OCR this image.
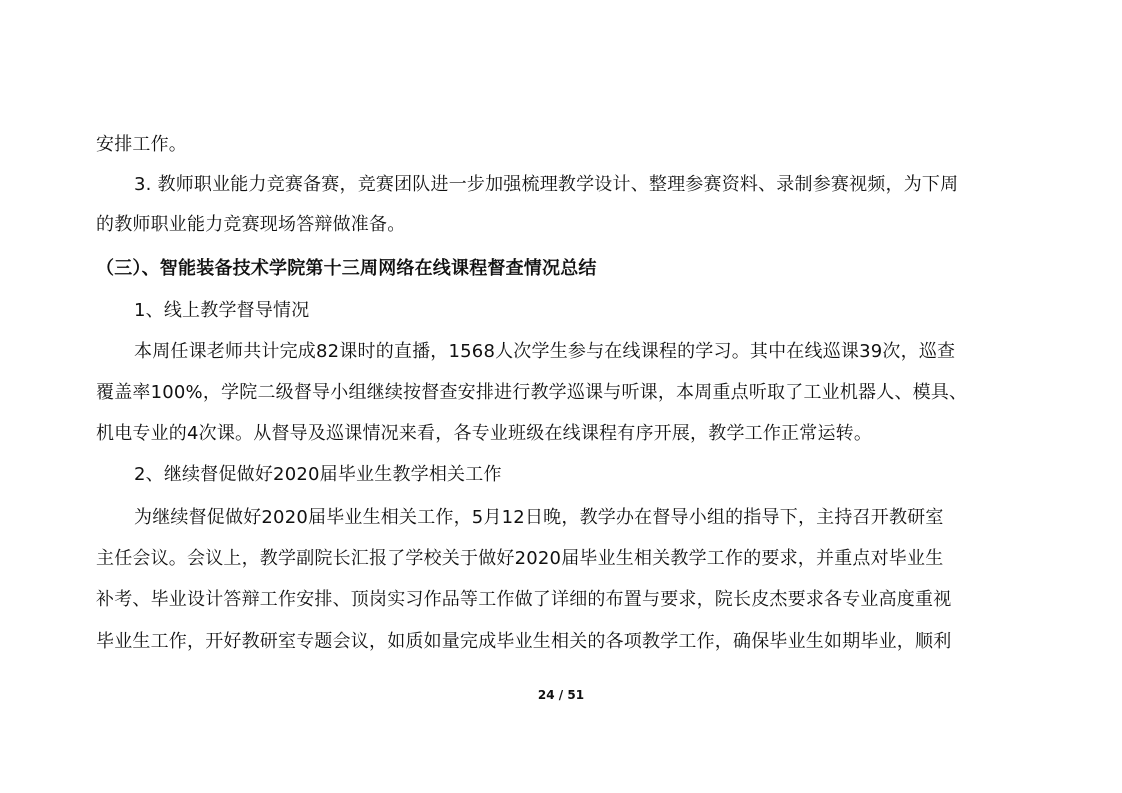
安排工作。
3. 教师职业能力竞赛备赛，竞赛团队进一步加强梳理教学设计、整理参赛资料、录制参赛视频，为下周
的教师职业能力竞赛现场答辩做准备。
（三）、智能装备技术学院第十三周网络在线课程督查情况总结
1、线上教学督导情况
本周任课老师共计完成82课时的直播，1568人次学生参与在线课程的学习。其中在线巡课39次，巡查
覆盖率100%，学院二级督导小组继续按督查安排进行教学巡课与听课，本周重点听取了工业机器人、模具、
机电专业的4次课。从督导及巡课情况来看，各专业班级在线课程有序开展，教学工作正常运转。
2、继续督促做好2020届毕业生教学相关工作
为继续督促做好2020届毕业生相关工作，5月12日晚，教学办在督导小组的指导下，主持召开教研室
主任会议。会议上，教学副院长汇报了学校关于做好2020届毕业生相关教学工作的要求，并重点对毕业生
补考、毕业设计答辩工作安排、顶岗实习作品等工作做了详细的布置与要求，院长皮杰要求各专业高度重视
毕业生工作，开好教研室专题会议，如质如量完成毕业生相关的各项教学工作，确保毕业生如期毕业，顺利
24 / 51
